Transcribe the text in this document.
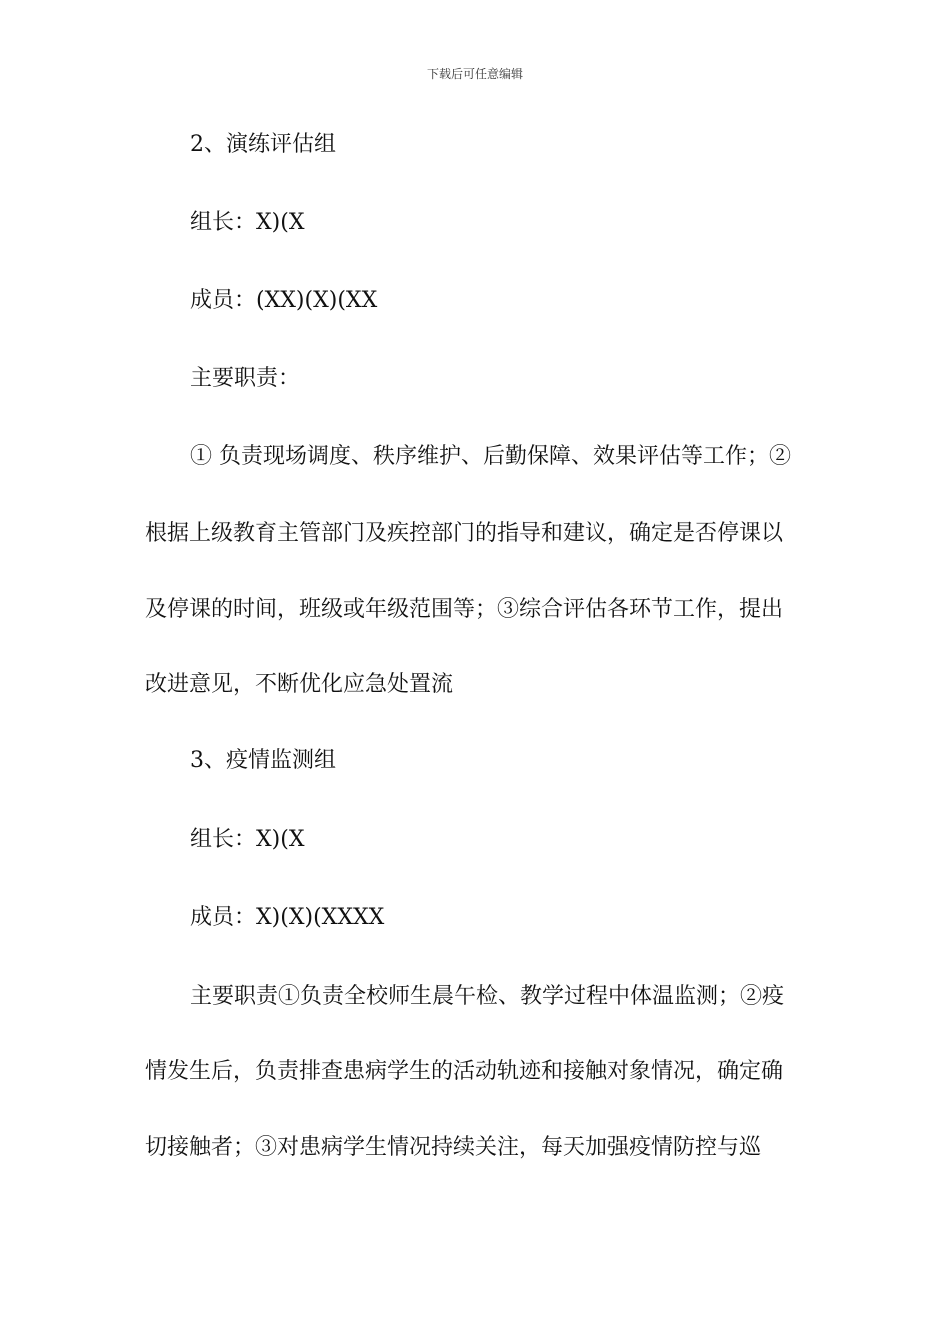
下载后可任意编辑
2、演练评估组
组长：X)(X
成员：(XX)(X)(XX
主要职责：
① 负责现场调度、秩序维护、后勤保障、效果评估等工作；②
根据上级教育主管部门及疾控部门的指导和建议，确定是否停课以
及停课的时间，班级或年级范围等；③综合评估各环节工作，提出
改进意见，不断优化应急处置流
3、疫情监测组
组长：X)(X
成员：X)(X)(XXXX
主要职责①负责全校师生晨午检、教学过程中体温监测；②疫
情发生后，负责排查患病学生的活动轨迹和接触对象情况，确定确
切接触者；③对患病学生情况持续关注，每天加强疫情防控与巡
